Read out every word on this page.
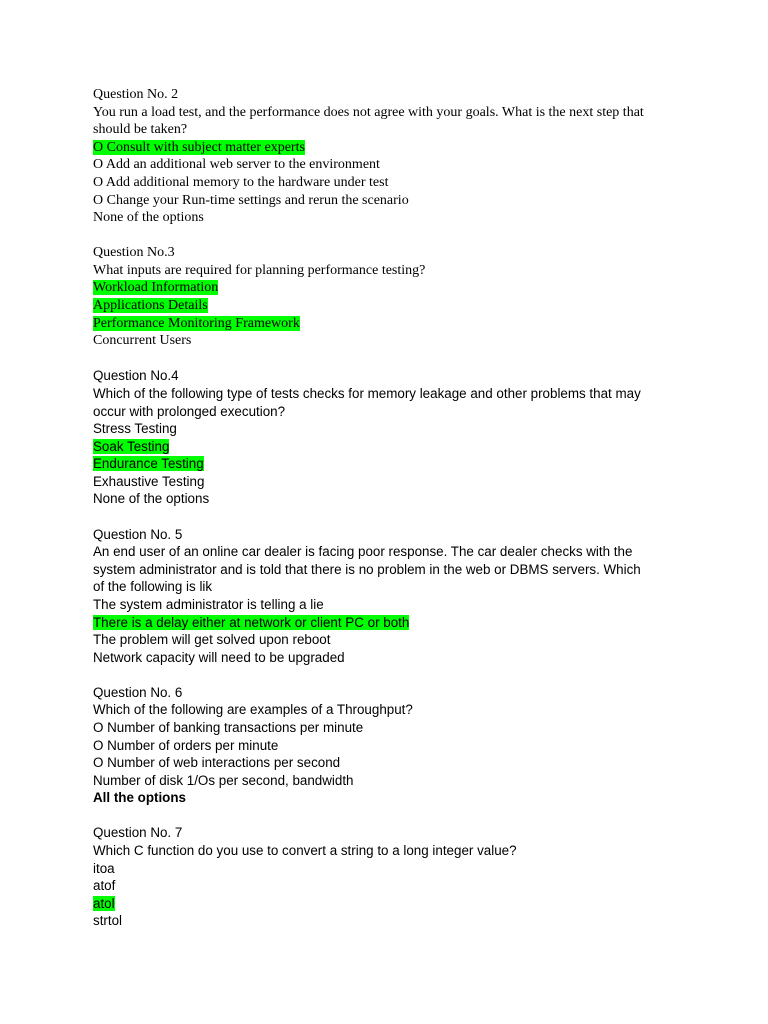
Question No. 2
You run a load test, and the performance does not agree with your goals. What is the next step that
should be taken?
O Consult with subject matter experts
O Add an additional web server to the environment
O Add additional memory to the hardware under test
O Change your Run-time settings and rerun the scenario
None of the options
Question No.3
What inputs are required for planning performance testing?
Workload Information
Applications Details
Performance Monitoring Framework
Concurrent Users
Question No.4
Which of the following type of tests checks for memory leakage and other problems that may
occur with prolonged execution?
Stress Testing
Soak Testing
Endurance Testing
Exhaustive Testing
None of the options
Question No. 5
An end user of an online car dealer is facing poor response. The car dealer checks with the
system administrator and is told that there is no problem in the web or DBMS servers. Which
of the following is lik
The system administrator is telling a lie
There is a delay either at network or client PC or both
The problem will get solved upon reboot
Network capacity will need to be upgraded
Question No. 6
Which of the following are examples of a Throughput?
O Number of banking transactions per minute
O Number of orders per minute
O Number of web interactions per second
Number of disk 1/Os per second, bandwidth
All the options
Question No. 7
Which C function do you use to convert a string to a long integer value?
itoa
atof
atol
strtol
